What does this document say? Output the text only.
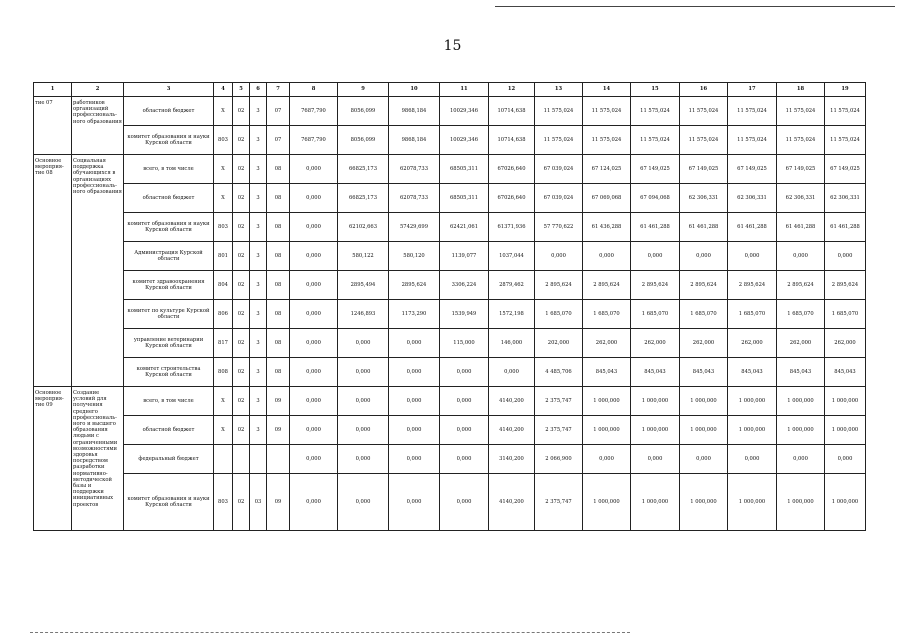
15
1	2	3	4	5	6	7	8	9	10	11	12	13	14	15	16	17	18	19
тие 07	работников организаций профессиональ-ного образования	областной бюджет	Х	02	3	07	7687,790	8056,099	9868,184	10029,346	10714,638	11 575,024	11 575,024	11 575,024	11 575,024	11 575,024	11 575,024	11 575,024
		комитет образования и науки Курской области	803	02	3	07	7687,790	8056,099	9868,184	10029,346	10714,638	11 575,024	11 575,024	11 575,024	11 575,024	11 575,024	11 575,024	11 575,024
Основное мероприя-тие 08	Социальная поддержка обучающихся в организациях профессиональ-ного образования	всего, в том числе	Х	02	3	08	0,000	66825,173	62078,733	68505,311	67026,640	67 039,024	67 124,025	67 149,025	67 149,025	67 149,025	67 149,025	67 149,025
		областной бюджет	Х	02	3	08	0,000	66825,173	62078,733	68505,311	67026,640	67 039,024	67 069,068	67 094,068	62 306,331	62 306,331	62 306,331	62 306,331
		комитет образования и науки Курской области	803	02	3	08	0,000	62102,663	57429,699	62421,061	61371,936	57 770,622	61 436,288	61 461,288	61 461,288	61 461,288	61 461,288	61 461,288
		Администрация Курской области	801	02	3	08	0,000	580,122	580,120	1139,077	1037,044	0,000	0,000	0,000	0,000	0,000	0,000	0,000
		комитет здравоохранения Курской области	804	02	3	08	0,000	2895,494	2895,624	3306,224	2879,462	2 895,624	2 895,624	2 895,624	2 895,624	2 895,624	2 895,624	2 895,624
		комитет по культуре Курской области	806	02	3	08	0,000	1246,893	1173,290	1539,949	1572,198	1 685,070	1 685,070	1 685,070	1 685,070	1 685,070	1 685,070	1 685,070
		управление ветеринарии Курской области	817	02	3	08	0,000	0,000	0,000	115,000	146,000	202,000	262,000	262,000	262,000	262,000	262,000	262,000
		комитет строительства Курской области	808	02	3	08	0,000	0,000	0,000	0,000	0,000	4 485,706	845,043	845,043	845,043	845,043	845,043	845,043
Основное мероприя-тие 09	Создание условий для получения среднего профессиональ-ного и высшего образования людьми с ограниченными возможностями здоровья посредством разработки нормативно-методической базы и поддержки инициативных проектов	всего, в том числе	Х	02	3	09	0,000	0,000	0,000	0,000	4140,200	2 375,747	1 000,000	1 000,000	1 000,000	1 000,000	1 000,000	1 000,000
		областной бюджет	Х	02	3	09	0,000	0,000	0,000	0,000	4140,200	2 375,747	1 000,000	1 000,000	1 000,000	1 000,000	1 000,000	1 000,000
		федеральный бюджет					0,000	0,000	0,000	0,000	3140,200	2 066,900	0,000	0,000	0,000	0,000	0,000	0,000
		комитет образования и науки Курской области	803	02	03	09	0,000	0,000	0,000	0,000	4140,200	2 375,747	1 000,000	1 000,000	1 000,000	1 000,000	1 000,000	1 000,000
